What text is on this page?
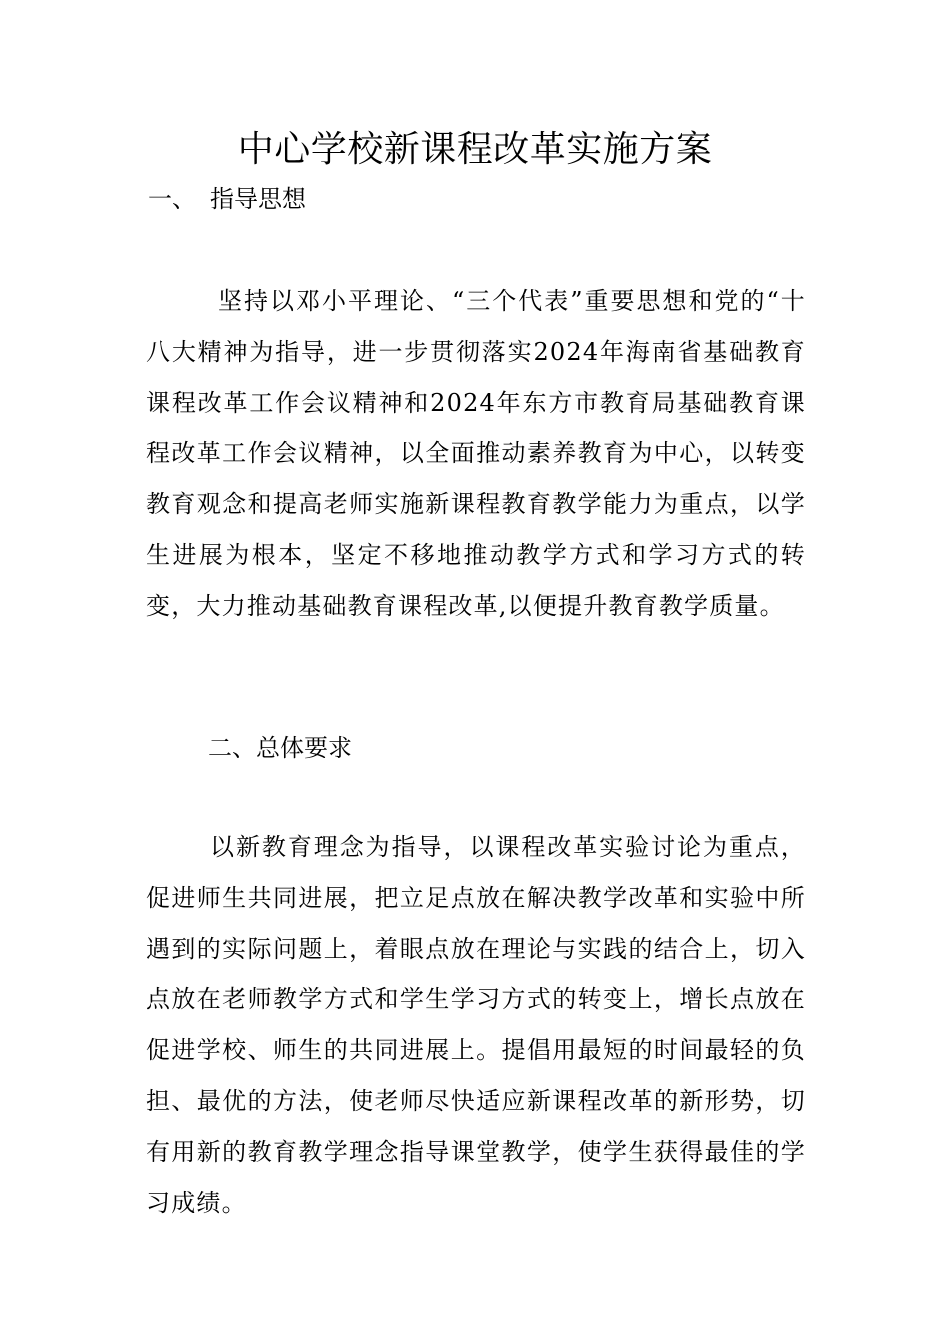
中心学校新课程改革实施方案
一、 指导思想

坚持以邓小平理论、“三个代表”重要思想和党的“十八大精神为指导，进一步贯彻落实2024年海南省基础教育课程改革工作会议精神和2024年东方市教育局基础教育课程改革工作会议精神，以全面推动素养教育为中心，以转变教育观念和提高老师实施新课程教育教学能力为重点，以学生进展为根本，坚定不移地推动教学方式和学习方式的转变，大力推动基础教育课程改革,以便提升教育教学质量。

二、总体要求

以新教育理念为指导，以课程改革实验讨论为重点，促进师生共同进展，把立足点放在解决教学改革和实验中所遇到的实际问题上，着眼点放在理论与实践的结合上，切入点放在老师教学方式和学生学习方式的转变上，增长点放在促进学校、师生的共同进展上。提倡用最短的时间最轻的负担、最优的方法，使老师尽快适应新课程改革的新形势，切有用新的教育教学理念指导课堂教学，使学生获得最佳的学习成绩。
